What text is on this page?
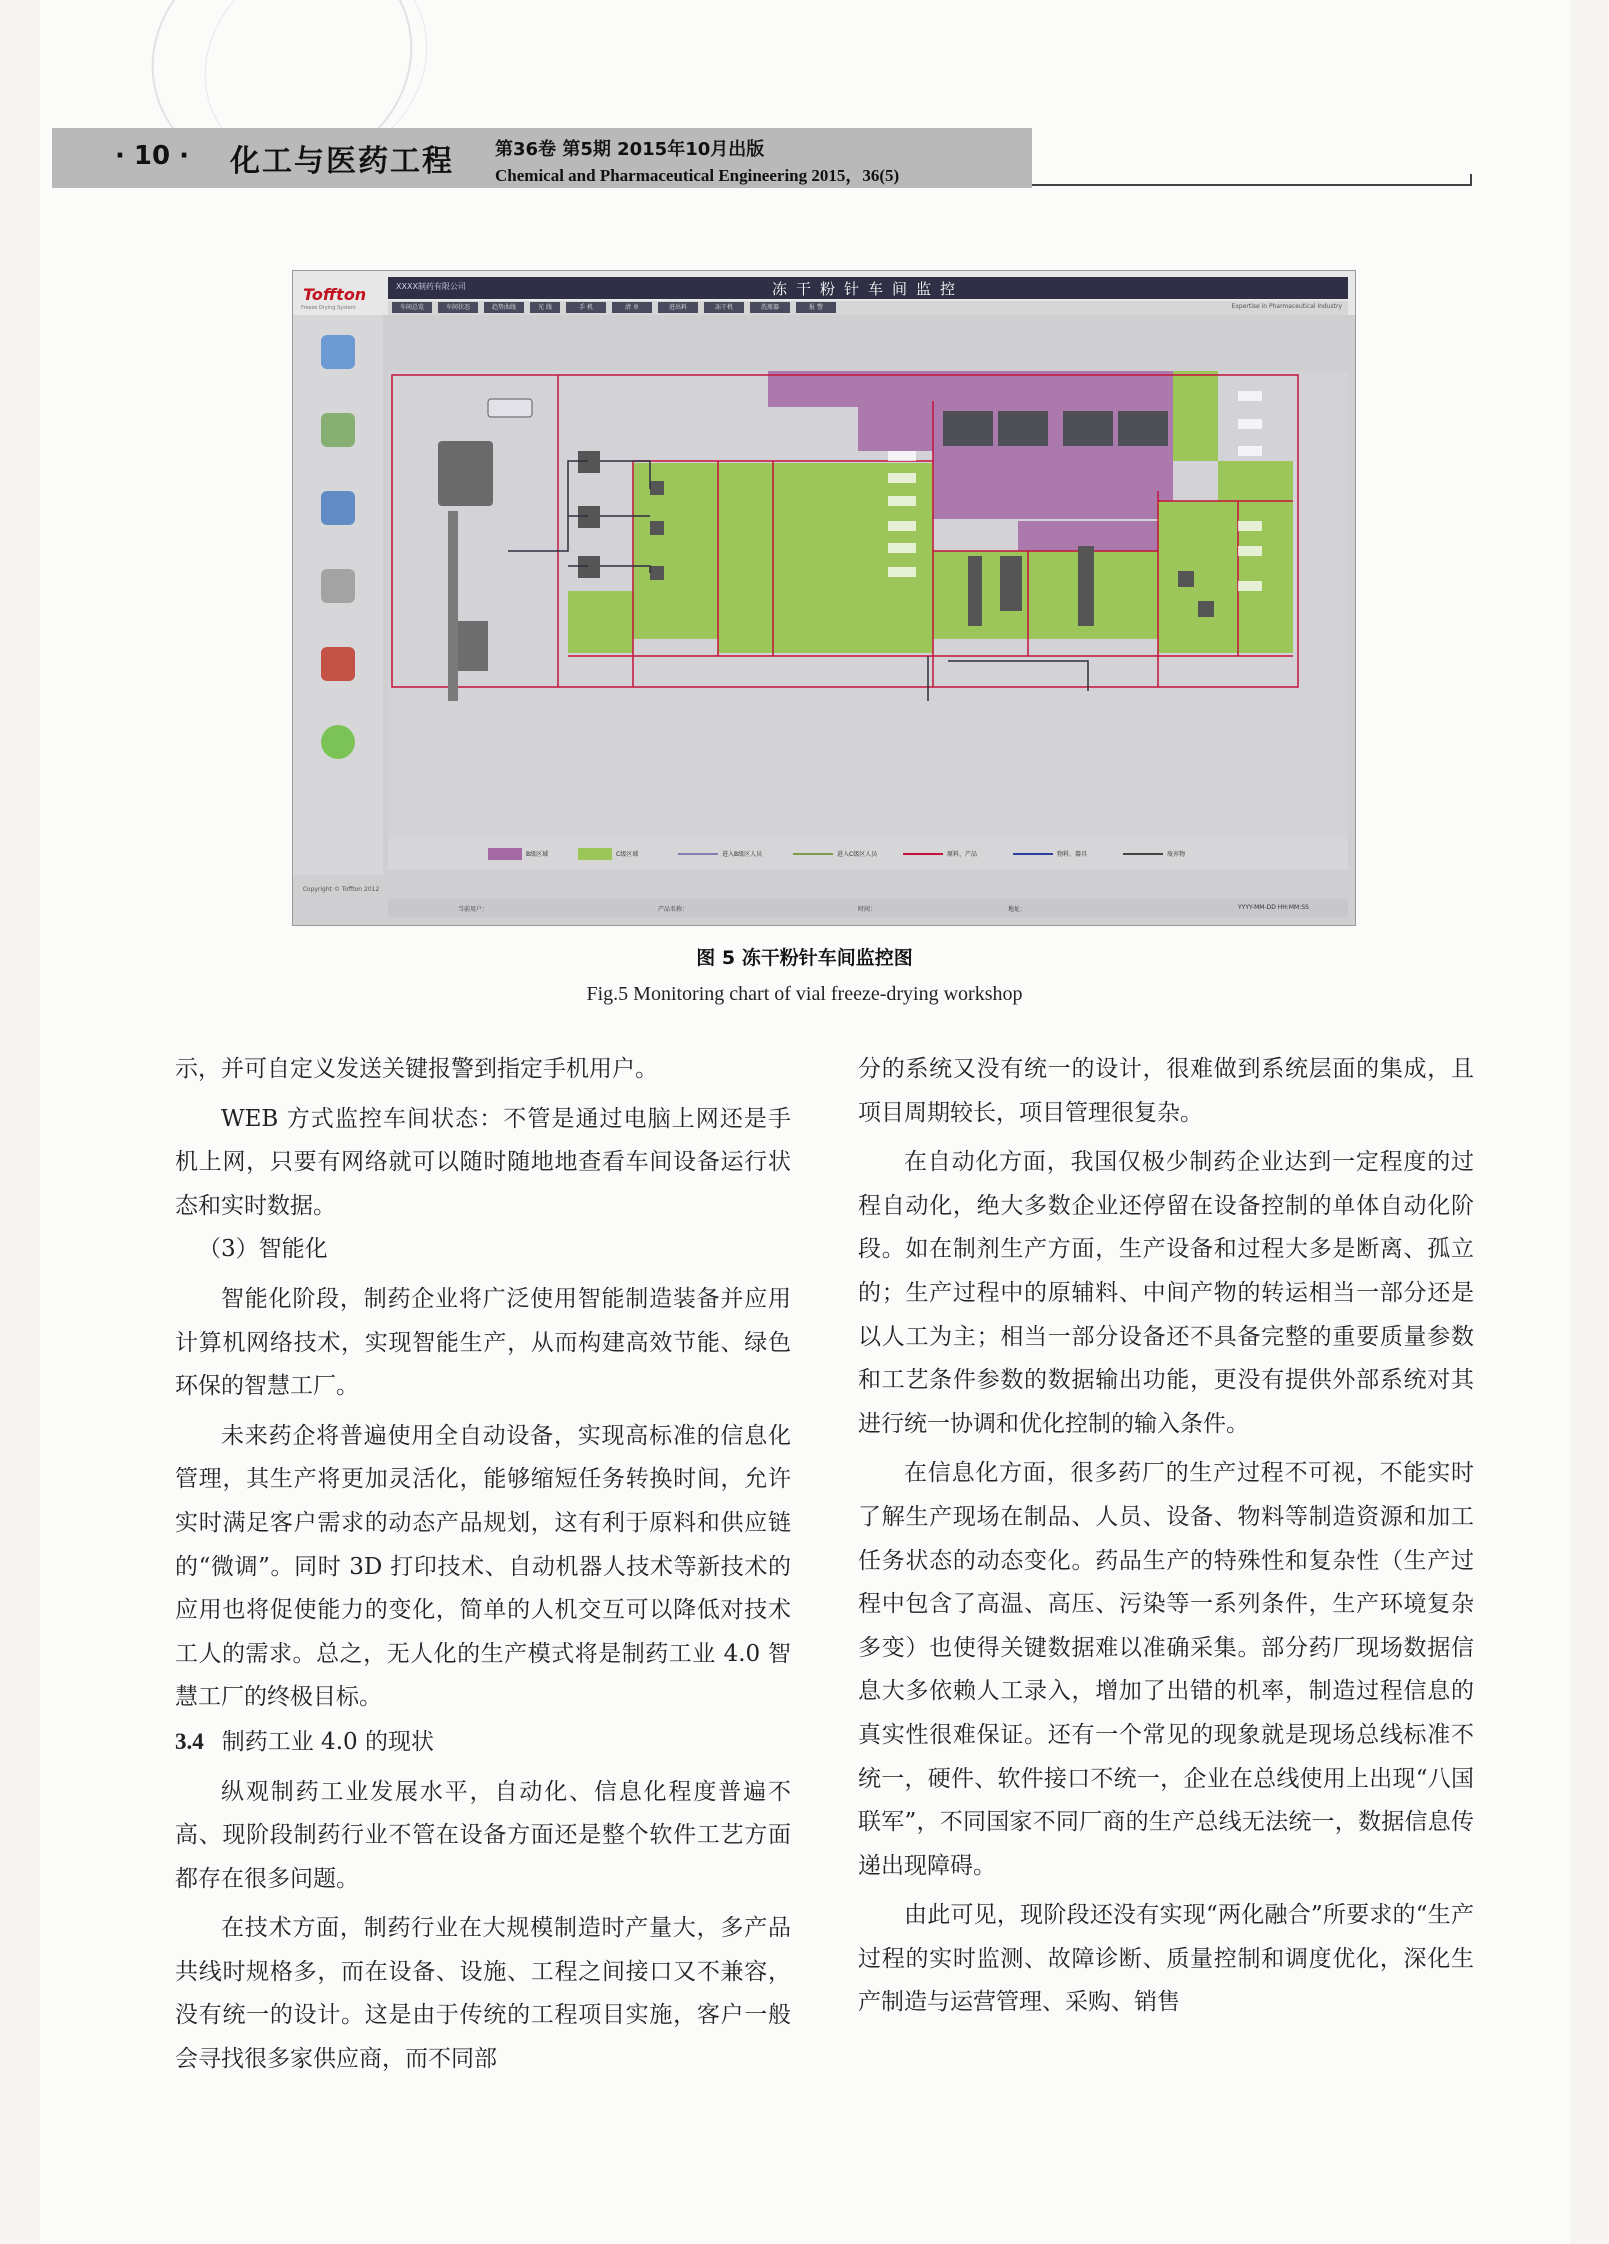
· 10 · 化工与医药工程 第36卷 第5期 2015年10月出版
Chemical and Pharmaceutical Engineering 2015，36(5)
Toffton
Freeze Drying System
XXXX制药有限公司	冻干粉针车间监控
Expertise in Pharmaceutical Industry
车间总览	车间状态	趋势曲线	光 线	手 机	清 单	进出料	冻干机	洗瓶器	报 警
B级区域	C级区域	进入B级区人员	进入C级区人员	原料、产品	物料、器具	废弃物
Copyright © Toffton 2012
当前用户：	产品名称：	时间：	地址：	YYYY-MM-DD HH:MM:SS
图 5 冻干粉针车间监控图
Fig.5 Monitoring chart of vial freeze-drying workshop

示，并可自定义发送关键报警到指定手机用户。

WEB 方式监控车间状态：不管是通过电脑上网还是手机上网，只要有网络就可以随时随地地查看车间设备运行状态和实时数据。

（3）智能化

智能化阶段，制药企业将广泛使用智能制造装备并应用计算机网络技术，实现智能生产，从而构建高效节能、绿色环保的智慧工厂。

未来药企将普遍使用全自动设备，实现高标准的信息化管理，其生产将更加灵活化，能够缩短任务转换时间，允许实时满足客户需求的动态产品规划，这有利于原料和供应链的“微调”。同时 3D 打印技术、自动机器人技术等新技术的应用也将促使能力的变化，简单的人机交互可以降低对技术工人的需求。总之，无人化的生产模式将是制药工业 4.0 智慧工厂的终极目标。

3.4 制药工业 4.0 的现状

纵观制药工业发展水平，自动化、信息化程度普遍不高、现阶段制药行业不管在设备方面还是整个软件工艺方面都存在很多问题。

在技术方面，制药行业在大规模制造时产量大，多产品共线时规格多，而在设备、设施、工程之间接口又不兼容，没有统一的设计。这是由于传统的工程项目实施，客户一般会寻找很多家供应商，而不同部

分的系统又没有统一的设计，很难做到系统层面的集成，且项目周期较长，项目管理很复杂。

在自动化方面，我国仅极少制药企业达到一定程度的过程自动化，绝大多数企业还停留在设备控制的单体自动化阶段。如在制剂生产方面，生产设备和过程大多是断离、孤立的；生产过程中的原辅料、中间产物的转运相当一部分还是以人工为主；相当一部分设备还不具备完整的重要质量参数和工艺条件参数的数据输出功能，更没有提供外部系统对其进行统一协调和优化控制的输入条件。

在信息化方面，很多药厂的生产过程不可视，不能实时了解生产现场在制品、人员、设备、物料等制造资源和加工任务状态的动态变化。药品生产的特殊性和复杂性（生产过程中包含了高温、高压、污染等一系列条件，生产环境复杂多变）也使得关键数据难以准确采集。部分药厂现场数据信息大多依赖人工录入，增加了出错的机率，制造过程信息的真实性很难保证。还有一个常见的现象就是现场总线标准不统一，硬件、软件接口不统一，企业在总线使用上出现“八国联军”，不同国家不同厂商的生产总线无法统一，数据信息传递出现障碍。

由此可见，现阶段还没有实现“两化融合”所要求的“生产过程的实时监测、故障诊断、质量控制和调度优化，深化生产制造与运营管理、采购、销售
